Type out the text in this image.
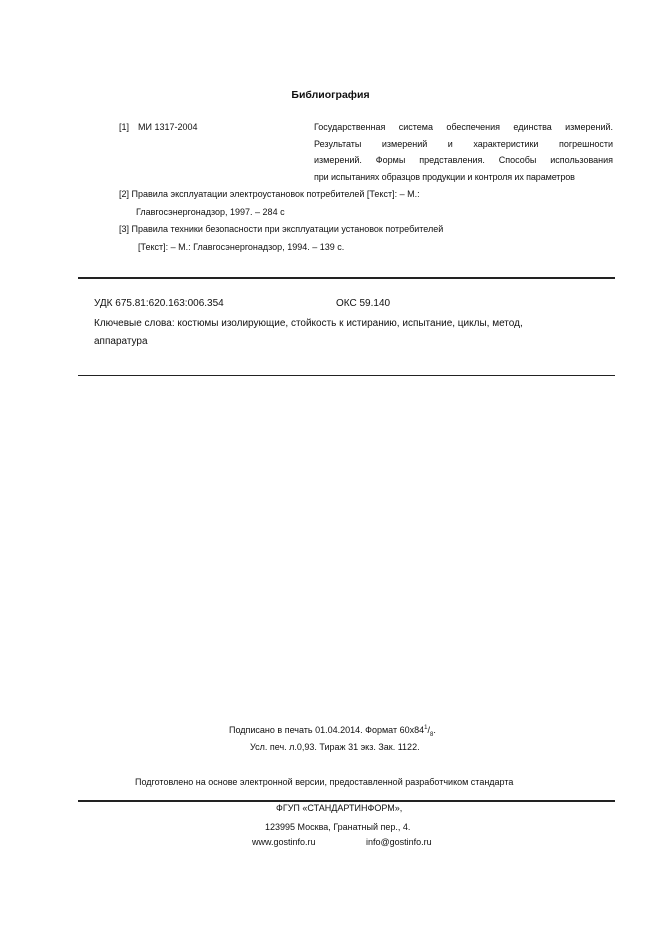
Библиография
[1] МИ 1317-2004	Государственная система обеспечения единства измерений.
Результаты измерений и характеристики погрешности
измерений. Формы представления. Способы использования
при испытаниях образцов продукции и контроля их параметров
[2] Правила эксплуатации электроустановок потребителей [Текст]: – М.:
Главгосэнергонадзор, 1997. – 284 с
[3] Правила техники безопасности при эксплуатации установок потребителей
[Текст]: – М.: Главгосэнергонадзор, 1994. – 139 с.
УДК 675.81:620.163:006.354	ОКС 59.140
Ключевые слова: костюмы изолирующие, стойкость к истиранию, испытание, циклы, метод,
аппаратура
Подписано в печать 01.04.2014. Формат $60х84^1/_8$.
Усл. печ. л.0,93. Тираж 31 экз. Зак. 1122.
Подготовлено на основе электронной версии, предоставленной разработчиком стандарта
ФГУП «СТАНДАРТИНФОРМ»,
123995 Москва, Гранатный пер., 4.
www.gostinfo.ru	info@gostinfo.ru
